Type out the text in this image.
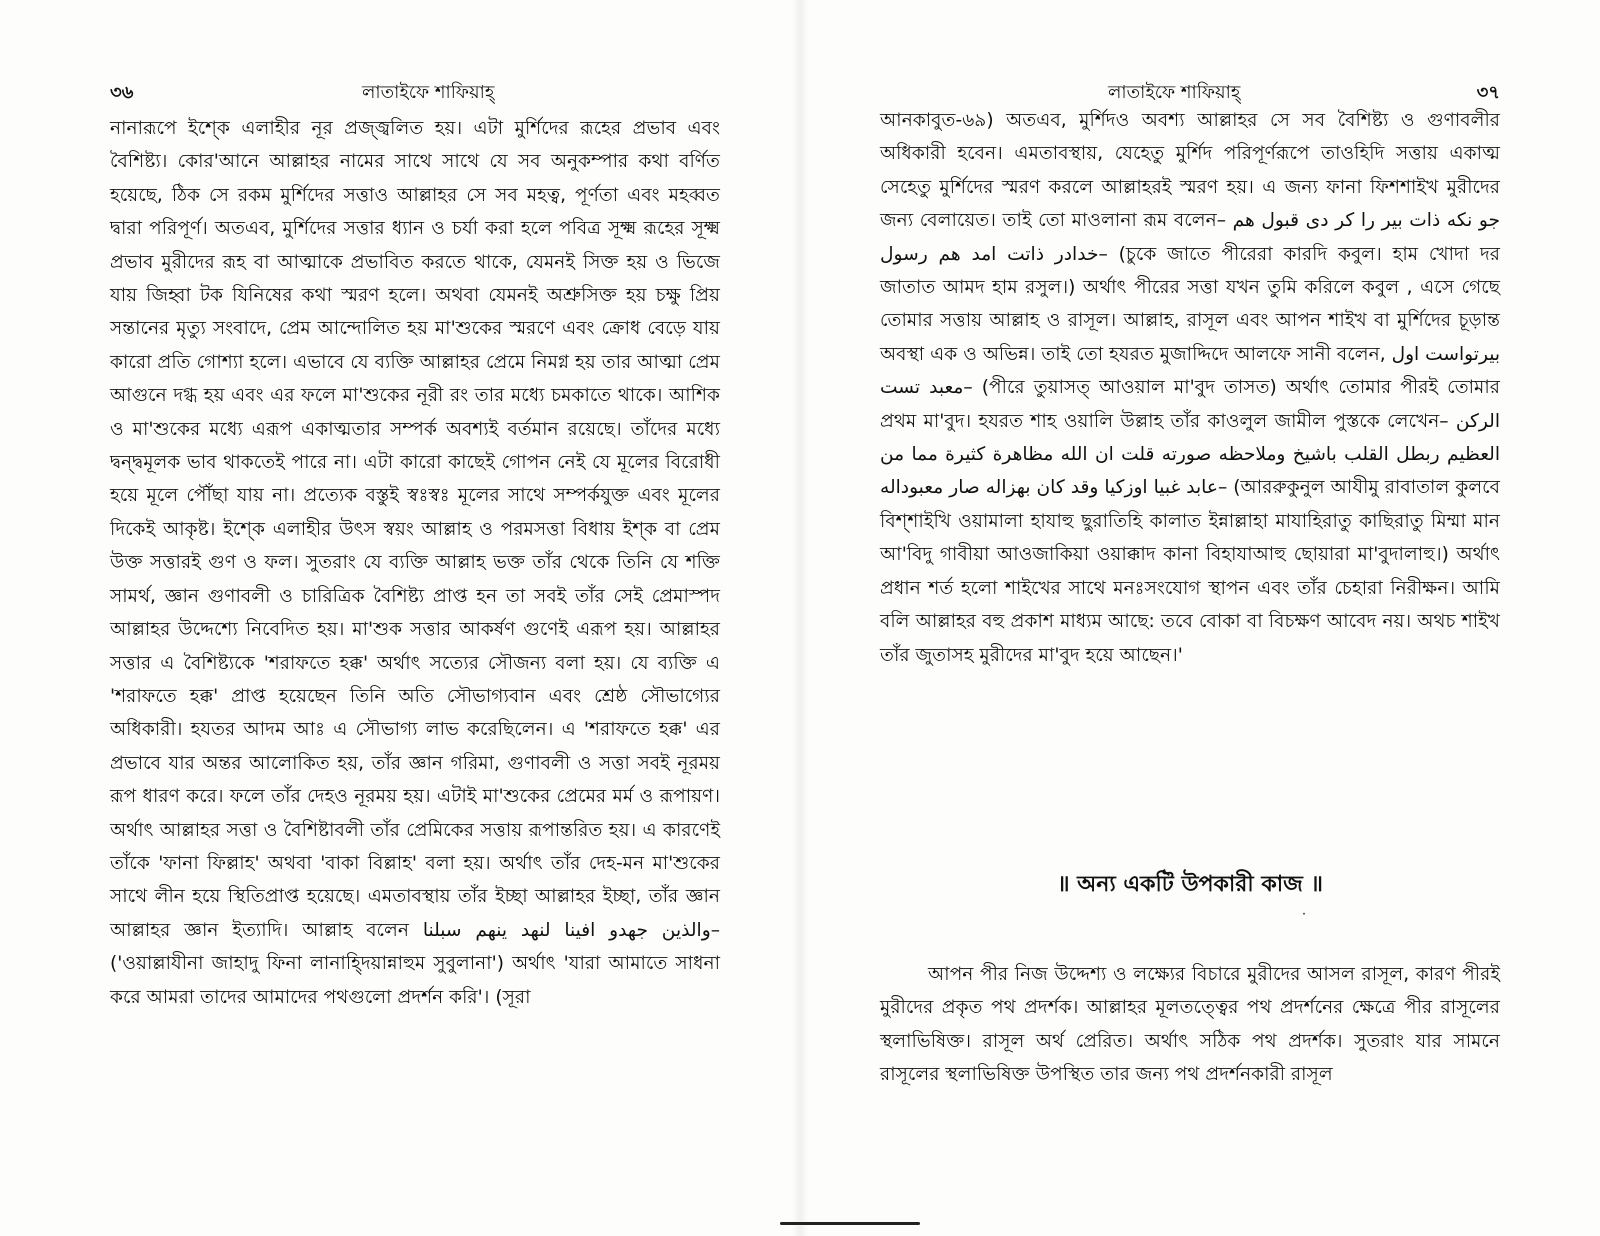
৩৬	লাতাইফে শাফিয়াহ্

নানারূপে ইশ্কে এলাহীর নূর প্রজ্জ্বলিত হয়। এটা মুর্শিদের রূহের প্রভাব এবং বৈশিষ্ট্য। কোর'আনে আল্লাহর নামের সাথে সাথে যে সব অনুকম্পার কথা বর্ণিত হয়েছে, ঠিক সে রকম মুর্শিদের সত্তাও আল্লাহর সে সব মহত্ব, পূর্ণতা এবং মহব্বত দ্বারা পরিপূর্ণ। অতএব, মুর্শিদের সত্তার ধ্যান ও চর্যা করা হলে পবিত্র সূক্ষ্ম রূহের সূক্ষ্ম প্রভাব মুরীদের রূহ বা আত্মাকে প্রভাবিত করতে থাকে, যেমনই সিক্ত হয় ও ভিজে যায় জিহ্বা টক যিনিষের কথা স্মরণ হলে। অথবা যেমনই অশ্রুসিক্ত হয় চক্ষু প্রিয় সন্তানের মৃত্যু সংবাদে, প্রেম আন্দোলিত হয় মা'শুকের স্মরণে এবং ক্রোধ বেড়ে যায় কারো প্রতি গোশ্যা হলে। এভাবে যে ব্যক্তি আল্লাহর প্রেমে নিমগ্ন হয় তার আত্মা প্রেম আগুনে দগ্ধ হয় এবং এর ফলে মা'শুকের নূরী রং তার মধ্যে চমকাতে থাকে। আশিক ও মা'শুকের মধ্যে এরূপ একাত্মতার সম্পর্ক অবশ্যই বর্তমান রয়েছে। তাঁদের মধ্যে দ্বন্দ্বমূলক ভাব থাকতেই পারে না। এটা কারো কাছেই গোপন নেই যে মূলের বিরোধী হয়ে মূলে পৌঁছা যায় না। প্রত্যেক বস্তুই স্বঃস্বঃ মূলের সাথে সম্পর্কযুক্ত এবং মূলের দিকেই আকৃষ্ট। ইশ্কে এলাহীর উৎস স্বয়ং আল্লাহ ও পরমসত্তা বিধায় ইশ্ক বা প্রেম উক্ত সত্তারই গুণ ও ফল। সুতরাং যে ব্যক্তি আল্লাহ ভক্ত তাঁর থেকে তিনি যে শক্তি সামর্থ, জ্ঞান গুণাবলী ও চারিত্রিক বৈশিষ্ট্য প্রাপ্ত হন তা সবই তাঁর সেই প্রেমাস্পদ আল্লাহর উদ্দেশ্যে নিবেদিত হয়। মা'শুক সত্তার আকর্ষণ গুণেই এরূপ হয়। আল্লাহর সত্তার এ বৈশিষ্ট্যকে 'শরাফতে হক্ক' অর্থাৎ সত্যের সৌজন্য বলা হয়। যে ব্যক্তি এ 'শরাফতে হক্ক' প্রাপ্ত হয়েছেন তিনি অতি সৌভাগ্যবান এবং শ্রেষ্ঠ সৌভাগ্যের অধিকারী। হযতর আদম আঃ এ সৌভাগ্য লাভ করেছিলেন। এ 'শরাফতে হক্ক' এর প্রভাবে যার অন্তর আলোকিত হয়, তাঁর জ্ঞান গরিমা, গুণাবলী ও সত্তা সবই নূরময় রূপ ধারণ করে। ফলে তাঁর দেহও নূরময় হয়। এটাই মা'শুকের প্রেমের মর্ম ও রূপায়ণ। অর্থাৎ আল্লাহর সত্তা ও বৈশিষ্টাবলী তাঁর প্রেমিকের সত্তায় রূপান্তরিত হয়। এ কারণেই তাঁকে 'ফানা ফিল্লাহ' অথবা 'বাকা বিল্লাহ' বলা হয়। অর্থাৎ তাঁর দেহ-মন মা'শুকের সাথে লীন হয়ে স্থিতিপ্রাপ্ত হয়েছে। এমতাবস্থায় তাঁর ইচ্ছা আল্লাহর ইচ্ছা, তাঁর জ্ঞান আল্লাহর জ্ঞান ইত্যাদি। আল্লাহ বলেন والذين جهدو افينا لنهد ينهم سبلنا– ('ওয়াল্লাযীনা জাহাদু ফিনা লানাহ্দিয়ান্নাহুম সুবুলানা') অর্থাৎ 'যারা আমাতে সাধনা করে আমরা তাদের আমাদের পথগুলো প্রদর্শন করি'। (সূরা

লাতাইফে শাফিয়াহ্	৩৭

আনকাবুত-৬৯) অতএব, মুর্শিদও অবশ্য আল্লাহর সে সব বৈশিষ্ট্য ও গুণাবলীর অধিকারী হবেন। এমতাবস্থায়, যেহেতু মুর্শিদ পরিপূর্ণরূপে তাওহিদি সত্তায় একাত্ম সেহেতু মুর্শিদের স্মরণ করলে আল্লাহরই স্মরণ হয়। এ জন্য ফানা ফিশশাইখ মুরীদের জন্য বেলায়েত। তাই তো মাওলানা রূম বলেন– جو نكه ذات بير را كر دى قبول هم خدادر ذاتت امد هم رسول– (চুকে জাতে পীরেরা কারদি কবুল। হাম খোদা দর জাতাত আমদ হাম রসুল।) অর্থাৎ পীরের সত্তা যখন তুমি করিলে কবুল , এসে গেছে তোমার সত্তায় আল্লাহ ও রাসূল। আল্লাহ, রাসূল এবং আপন শাইখ বা মুর্শিদের চূড়ান্ত অবস্থা এক ও অভিন্ন। তাই তো হযরত মুজাদ্দিদে আলফে সানী বলেন, بيرتواست اول معبد تست– (পীরে তুয়াসত্ আওয়াল মা'বুদ তাসত) অর্থাৎ তোমার পীরই তোমার প্রথম মা'বুদ। হযরত শাহ ওয়ালি উল্লাহ তাঁর কাওলুল জামীল পুস্তকে লেখেন– الركن العظيم ربطل القلب باشيخ وملاحظه صورته قلت ان الله مظاهرة كثيرة مما من عابد غبيا اوزكيا وقد كان بهزاله صار معبوداله– (আররুকুনুল আযীমু রাবাতাল কুলবে বিশ্শাইখি ওয়ামালা হাযাহু ছুরাতিহি কালাত ইন্নাল্লাহা মাযাহিরাতু কাছিরাতু মিম্মা মান আ'বিদু গাবীয়া আওজাকিয়া ওয়াক্কাদ কানা বিহাযাআহু ছোয়ারা মা'বুদালাহু।) অর্থাৎ প্রধান শর্ত হলো শাইখের সাথে মনঃসংযোগ স্থাপন এবং তাঁর চেহারা নিরীক্ষন। আমি বলি আল্লাহর বহু প্রকাশ মাধ্যম আছে: তবে বোকা বা বিচক্ষণ আবেদ নয়। অথচ শাইখ তাঁর জুতাসহ মুরীদের মা'বুদ হয়ে আছেন।'

॥ অন্য একটি উপকারী কাজ ॥
˙

আপন পীর নিজ উদ্দেশ্য ও লক্ষ্যের বিচারে মুরীদের আসল রাসূল, কারণ পীরই মুরীদের প্রকৃত পথ প্রদর্শক। আল্লাহর মূলতত্ত্বের পথ প্রদর্শনের ক্ষেত্রে পীর রাসূলের স্থলাভিষিক্ত। রাসূল অর্থ প্রেরিত। অর্থাৎ সঠিক পথ প্রদর্শক। সুতরাং যার সামনে রাসূলের স্থলাভিষিক্ত উপস্থিত তার জন্য পথ প্রদর্শনকারী রাসূল
